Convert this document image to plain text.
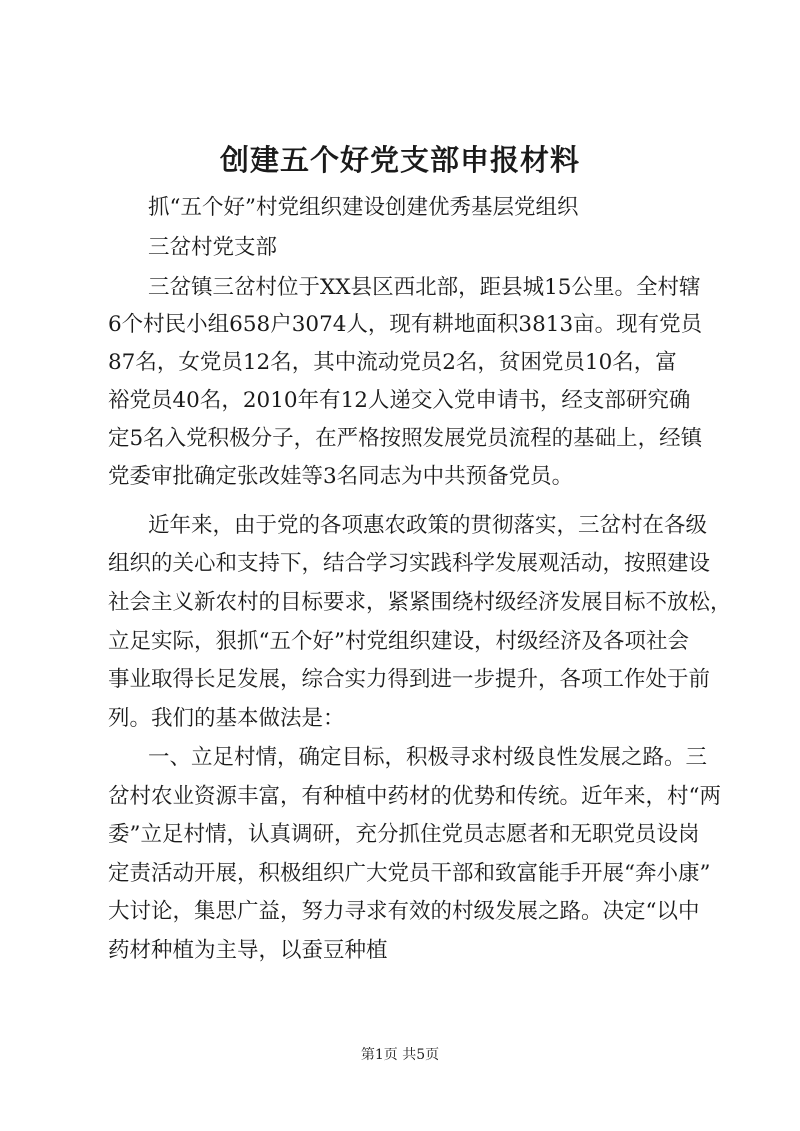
创建五个好党支部申报材料
抓“五个好”村党组织建设创建优秀基层党组织
三岔村党支部
三岔镇三岔村位于XX县区西北部，距县城15公里。全村辖
6个村民小组658户3074人，现有耕地面积3813亩。现有党员
87名，女党员12名，其中流动党员2名，贫困党员10名，富
裕党员40名，2010年有12人递交入党申请书，经支部研究确
定5名入党积极分子，在严格按照发展党员流程的基础上，经镇
党委审批确定张改娃等3名同志为中共预备党员。
近年来，由于党的各项惠农政策的贯彻落实，三岔村在各级
组织的关心和支持下，结合学习实践科学发展观活动，按照建设
社会主义新农村的目标要求，紧紧围绕村级经济发展目标不放松，
立足实际，狠抓“五个好”村党组织建设，村级经济及各项社会
事业取得长足发展，综合实力得到进一步提升，各项工作处于前
列。我们的基本做法是：
一、立足村情，确定目标，积极寻求村级良性发展之路。三
岔村农业资源丰富，有种植中药材的优势和传统。近年来，村“两
委”立足村情，认真调研，充分抓住党员志愿者和无职党员设岗
定责活动开展，积极组织广大党员干部和致富能手开展“奔小康”
大讨论，集思广益，努力寻求有效的村级发展之路。决定“以中
药材种植为主导，以蚕豆种植
第1页 共5页
